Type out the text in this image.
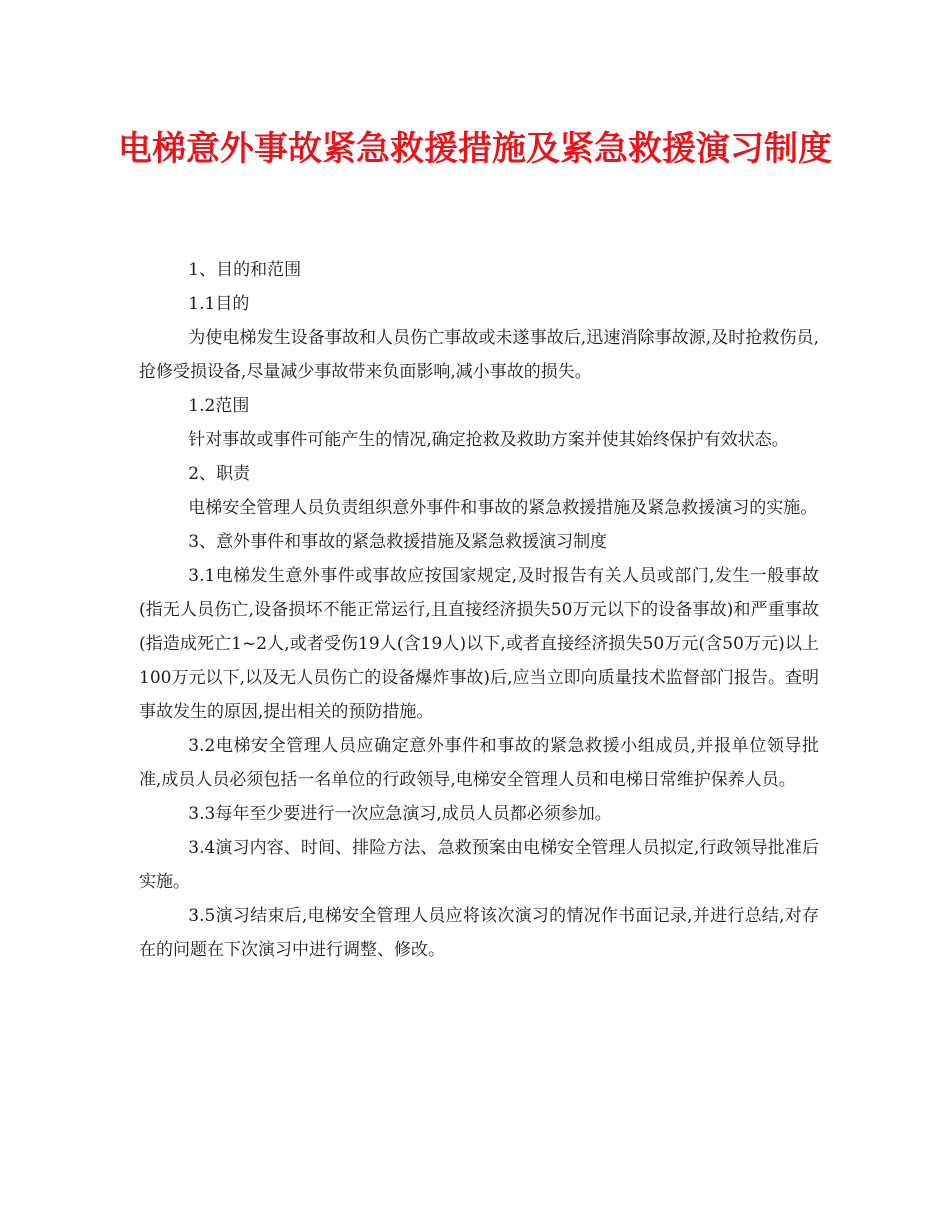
电梯意外事故紧急救援措施及紧急救援演习制度

1、目的和范围

1.1目的

为使电梯发生设备事故和人员伤亡事故或未遂事故后,迅速消除事故源,及时抢救伤员,抢修受损设备,尽量减少事故带来负面影响,减小事故的损失。

1.2范围

针对事故或事件可能产生的情况,确定抢救及救助方案并使其始终保护有效状态。

2、职责

电梯安全管理人员负责组织意外事件和事故的紧急救援措施及紧急救援演习的实施。

3、意外事件和事故的紧急救援措施及紧急救援演习制度

3.1电梯发生意外事件或事故应按国家规定,及时报告有关人员或部门,发生一般事故(指无人员伤亡,设备损坏不能正常运行,且直接经济损失50万元以下的设备事故)和严重事故(指造成死亡1~2人,或者受伤19人(含19人)以下,或者直接经济损失50万元(含50万元)以上100万元以下,以及无人员伤亡的设备爆炸事故)后,应当立即向质量技术监督部门报告。查明事故发生的原因,提出相关的预防措施。

3.2电梯安全管理人员应确定意外事件和事故的紧急救援小组成员,并报单位领导批准,成员人员必须包括一名单位的行政领导,电梯安全管理人员和电梯日常维护保养人员。

3.3每年至少要进行一次应急演习,成员人员都必须参加。

3.4演习内容、时间、排险方法、急救预案由电梯安全管理人员拟定,行政领导批准后实施。

3.5演习结束后,电梯安全管理人员应将该次演习的情况作书面记录,并进行总结,对存在的问题在下次演习中进行调整、修改。
